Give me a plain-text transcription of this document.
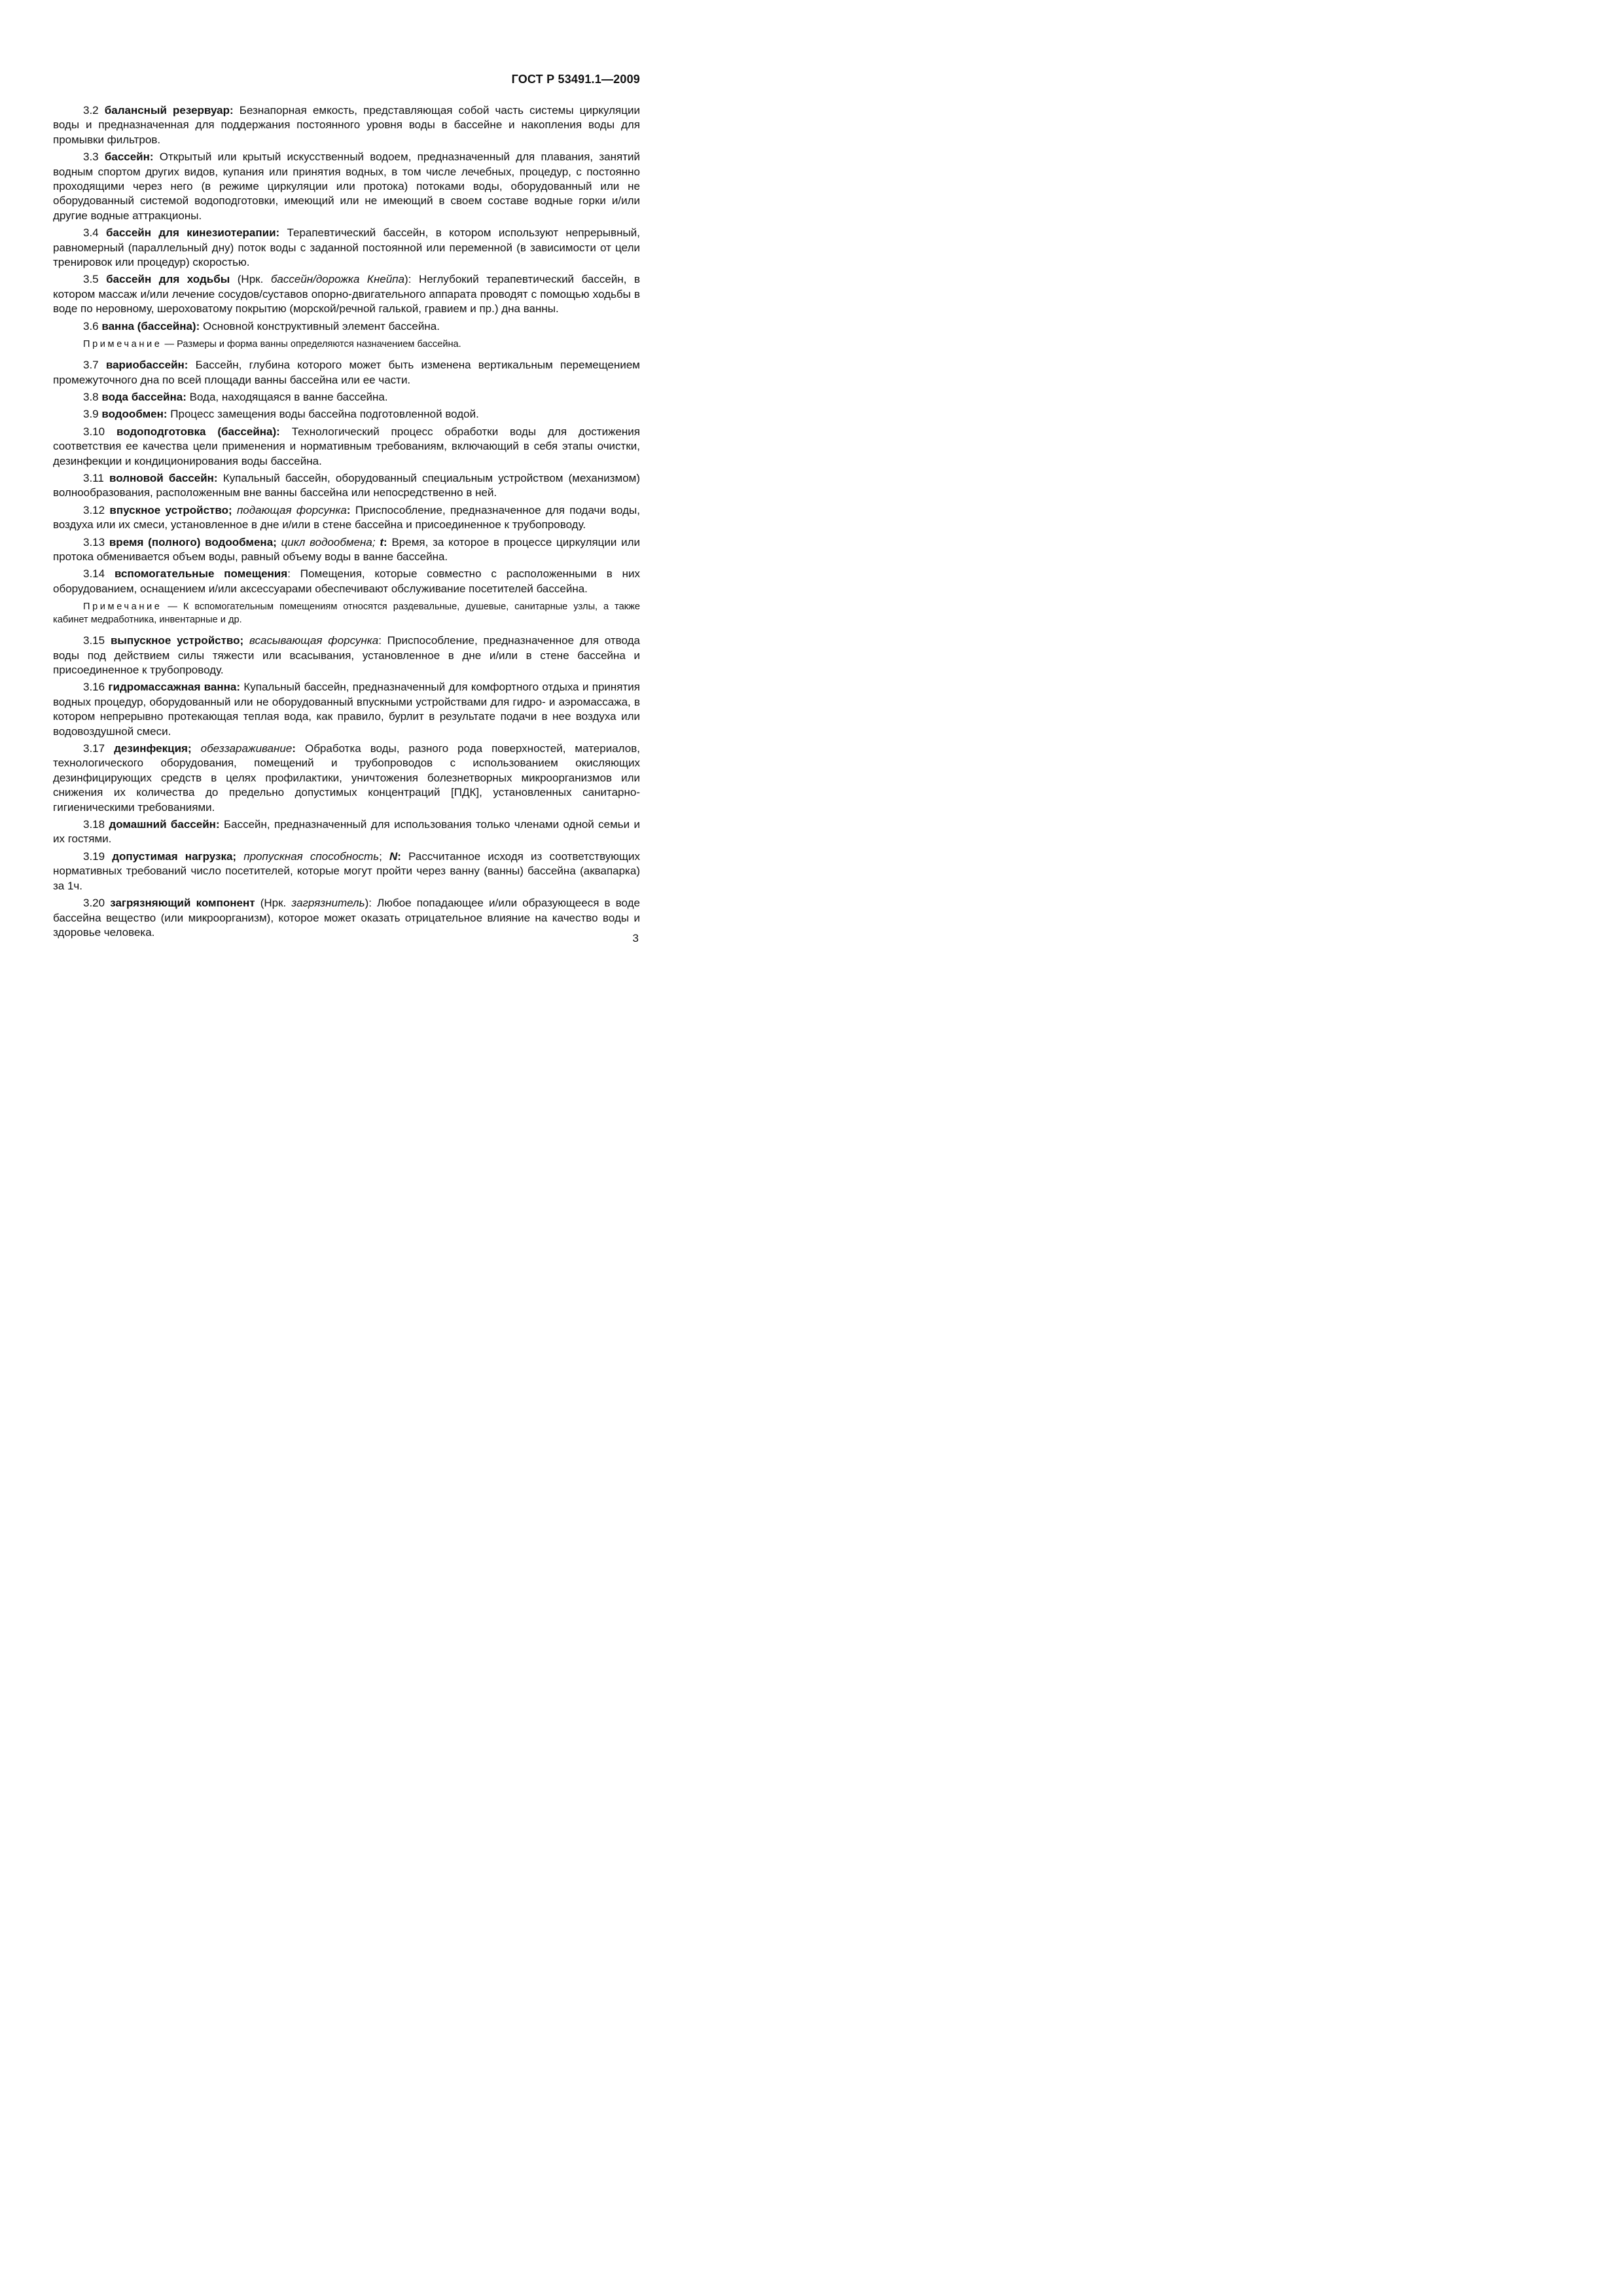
ГОСТ Р 53491.1—2009

3.2 балансный резервуар: Безнапорная емкость, представляющая собой часть системы циркуляции воды и предназначенная для поддержания постоянного уровня воды в бассейне и накопления воды для промывки фильтров.

3.3 бассейн: Открытый или крытый искусственный водоем, предназначенный для плавания, занятий водным спортом других видов, купания или принятия водных, в том числе лечебных, процедур, с постоянно проходящими через него (в режиме циркуляции или протока) потоками воды, оборудованный или не оборудованный системой водоподготовки, имеющий или не имеющий в своем составе водные горки и/или другие водные аттракционы.

3.4 бассейн для кинезиотерапии: Терапевтический бассейн, в котором используют непрерывный, равномерный (параллельный дну) поток воды с заданной постоянной или переменной (в зависимости от цели тренировок или процедур) скоростью.

3.5 бассейн для ходьбы (Нрк. бассейн/дорожка Кнейпа): Неглубокий терапевтический бассейн, в котором массаж и/или лечение сосудов/суставов опорно-двигательного аппарата проводят с помощью ходьбы в воде по неровному, шероховатому покрытию (морской/речной галькой, гравием и пр.) дна ванны.

3.6 ванна (бассейна): Основной конструктивный элемент бассейна.

Примечание — Размеры и форма ванны определяются назначением бассейна.

3.7 вариобассейн: Бассейн, глубина которого может быть изменена вертикальным перемещением промежуточного дна по всей площади ванны бассейна или ее части.

3.8 вода бассейна: Вода, находящаяся в ванне бассейна.

3.9 водообмен: Процесс замещения воды бассейна подготовленной водой.

3.10 водоподготовка (бассейна): Технологический процесс обработки воды для достижения соответствия ее качества цели применения и нормативным требованиям, включающий в себя этапы очистки, дезинфекции и кондиционирования воды бассейна.

3.11 волновой бассейн: Купальный бассейн, оборудованный специальным устройством (механизмом) волнообразования, расположенным вне ванны бассейна или непосредственно в ней.

3.12 впускное устройство; подающая форсунка: Приспособление, предназначенное для подачи воды, воздуха или их смеси, установленное в дне и/или в стене бассейна и присоединенное к трубопроводу.

3.13 время (полного) водообмена; цикл водообмена; t: Время, за которое в процессе циркуляции или протока обменивается объем воды, равный объему воды в ванне бассейна.

3.14 вспомогательные помещения: Помещения, которые совместно с расположенными в них оборудованием, оснащением и/или аксессуарами обеспечивают обслуживание посетителей бассейна.

Примечание — К вспомогательным помещениям относятся раздевальные, душевые, санитарные узлы, а также кабинет медработника, инвентарные и др.

3.15 выпускное устройство; всасывающая форсунка: Приспособление, предназначенное для отвода воды под действием силы тяжести или всасывания, установленное в дне и/или в стене бассейна и присоединенное к трубопроводу.

3.16 гидромассажная ванна: Купальный бассейн, предназначенный для комфортного отдыха и принятия водных процедур, оборудованный или не оборудованный впускными устройствами для гидро- и аэромассажа, в котором непрерывно протекающая теплая вода, как правило, бурлит в результате подачи в нее воздуха или водовоздушной смеси.

3.17 дезинфекция; обеззараживание: Обработка воды, разного рода поверхностей, материалов, технологического оборудования, помещений и трубопроводов с использованием окисляющих дезинфицирующих средств в целях профилактики, уничтожения болезнетворных микроорганизмов или снижения их количества до предельно допустимых концентраций [ПДК], установленных санитарно-гигиеническими требованиями.

3.18 домашний бассейн: Бассейн, предназначенный для использования только членами одной семьи и их гостями.

3.19 допустимая нагрузка; пропускная способность; N: Рассчитанное исходя из соответствующих нормативных требований число посетителей, которые могут пройти через ванну (ванны) бассейна (аквапарка) за 1ч.

3.20 загрязняющий компонент (Нрк. загрязнитель): Любое попадающее и/или образующееся в воде бассейна вещество (или микроорганизм), которое может оказать отрицательное влияние на качество воды и здоровье человека.	3
